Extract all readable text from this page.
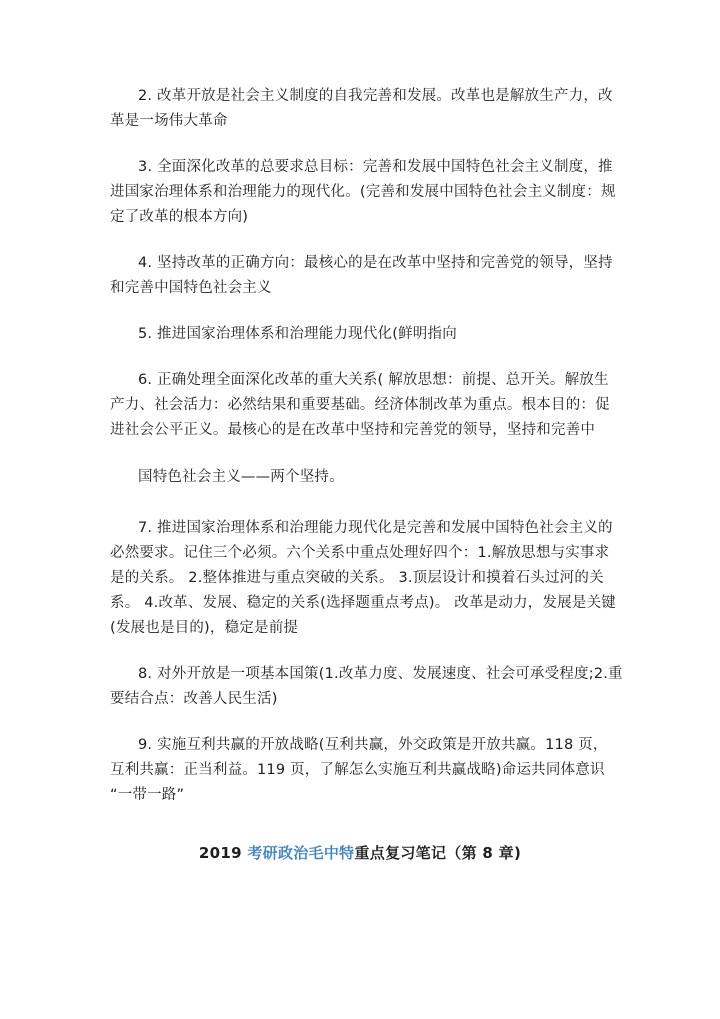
2. 改革开放是社会主义制度的自我完善和发展。改革也是解放生产力，改
革是一场伟大革命
3. 全面深化改革的总要求总目标：完善和发展中国特色社会主义制度，推
进国家治理体系和治理能力的现代化。(完善和发展中国特色社会主义制度：规
定了改革的根本方向)
4. 坚持改革的正确方向：最核心的是在改革中坚持和完善党的领导，坚持
和完善中国特色社会主义
5. 推进国家治理体系和治理能力现代化(鲜明指向
6. 正确处理全面深化改革的重大关系( 解放思想：前提、总开关。解放生
产力、社会活力：必然结果和重要基础。经济体制改革为重点。根本目的：促
进社会公平正义。最核心的是在改革中坚持和完善党的领导，坚持和完善中
国特色社会主义——两个坚持。
7. 推进国家治理体系和治理能力现代化是完善和发展中国特色社会主义的
必然要求。记住三个必须。六个关系中重点处理好四个：1.解放思想与实事求
是的关系。 2.整体推进与重点突破的关系。 3.顶层设计和摸着石头过河的关
系。 4.改革、发展、稳定的关系(选择题重点考点)。 改革是动力，发展是关键
(发展也是目的)，稳定是前提
8. 对外开放是一项基本国策(1.改革力度、发展速度、社会可承受程度;2.重
要结合点：改善人民生活)
9. 实施互利共赢的开放战略(互利共赢，外交政策是开放共赢。118 页，
互利共赢：正当利益。119 页，了解怎么实施互利共赢战略)命运共同体意识
“一带一路”
2019 考研政治毛中特重点复习笔记（第 8 章)
